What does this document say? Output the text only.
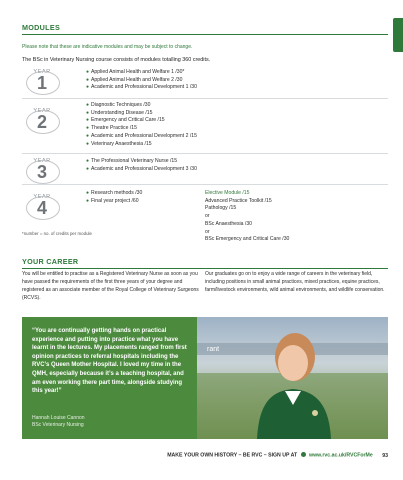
MODULES
Please note that these are indicative modules and may be subject to change.
The BSc in Veterinary Nursing course consists of modules totalling 360 credits.
YEAR
1
● Applied Animal Health and Welfare 1 /30*
● Applied Animal Health and Welfare 2 /30
● Academic and Professional Development 1 /30
YEAR
2
● Diagnostic Techniques /30
● Understanding Disease /15
● Emergency and Critical Care /15
● Theatre Practice /15
● Academic and Professional Development 2 /15
● Veterinary Anaesthesia /15
YEAR
3
● The Professional Veterinary Nurse /15
● Academic and Professional Development 3 /30
YEAR
4
● Research methods /30
● Final year project /60
Elective Module /15
Advanced Practice Toolkit /15
Pathology /15
or
BSc Anaesthesia /30
or
BSc Emergency and Critical Care /30
*number = no. of credits per module
YOUR CAREER
You will be entitled to practise as a Registered Veterinary Nurse as soon as you have passed the requirements of the first three years of your degree and registered as an associate member of the Royal College of Veterinary Surgeons (RCVS).
Our graduates go on to enjoy a wide range of careers in the veterinary field, including positions in small animal practices, mixed practices, equine practices, farm/livestock environments, wild animal environments, and wildlife conservation.
rant
“You are continually getting hands on practical experience and putting into practice what you have learnt in the lectures. My placements ranged from first opinion practices to referral hospitals including the RVC’s Queen Mother Hospital. I loved my time in the QMH, especially because it’s a teaching hospital, and am even working there part time, alongside studying this year!”
Hannah Louise Cannon
BSc Veterinary Nursing
MAKE YOUR OWN HISTORY – BE RVC – SIGN UP AT www.rvc.ac.uk/RVCForMe 93
